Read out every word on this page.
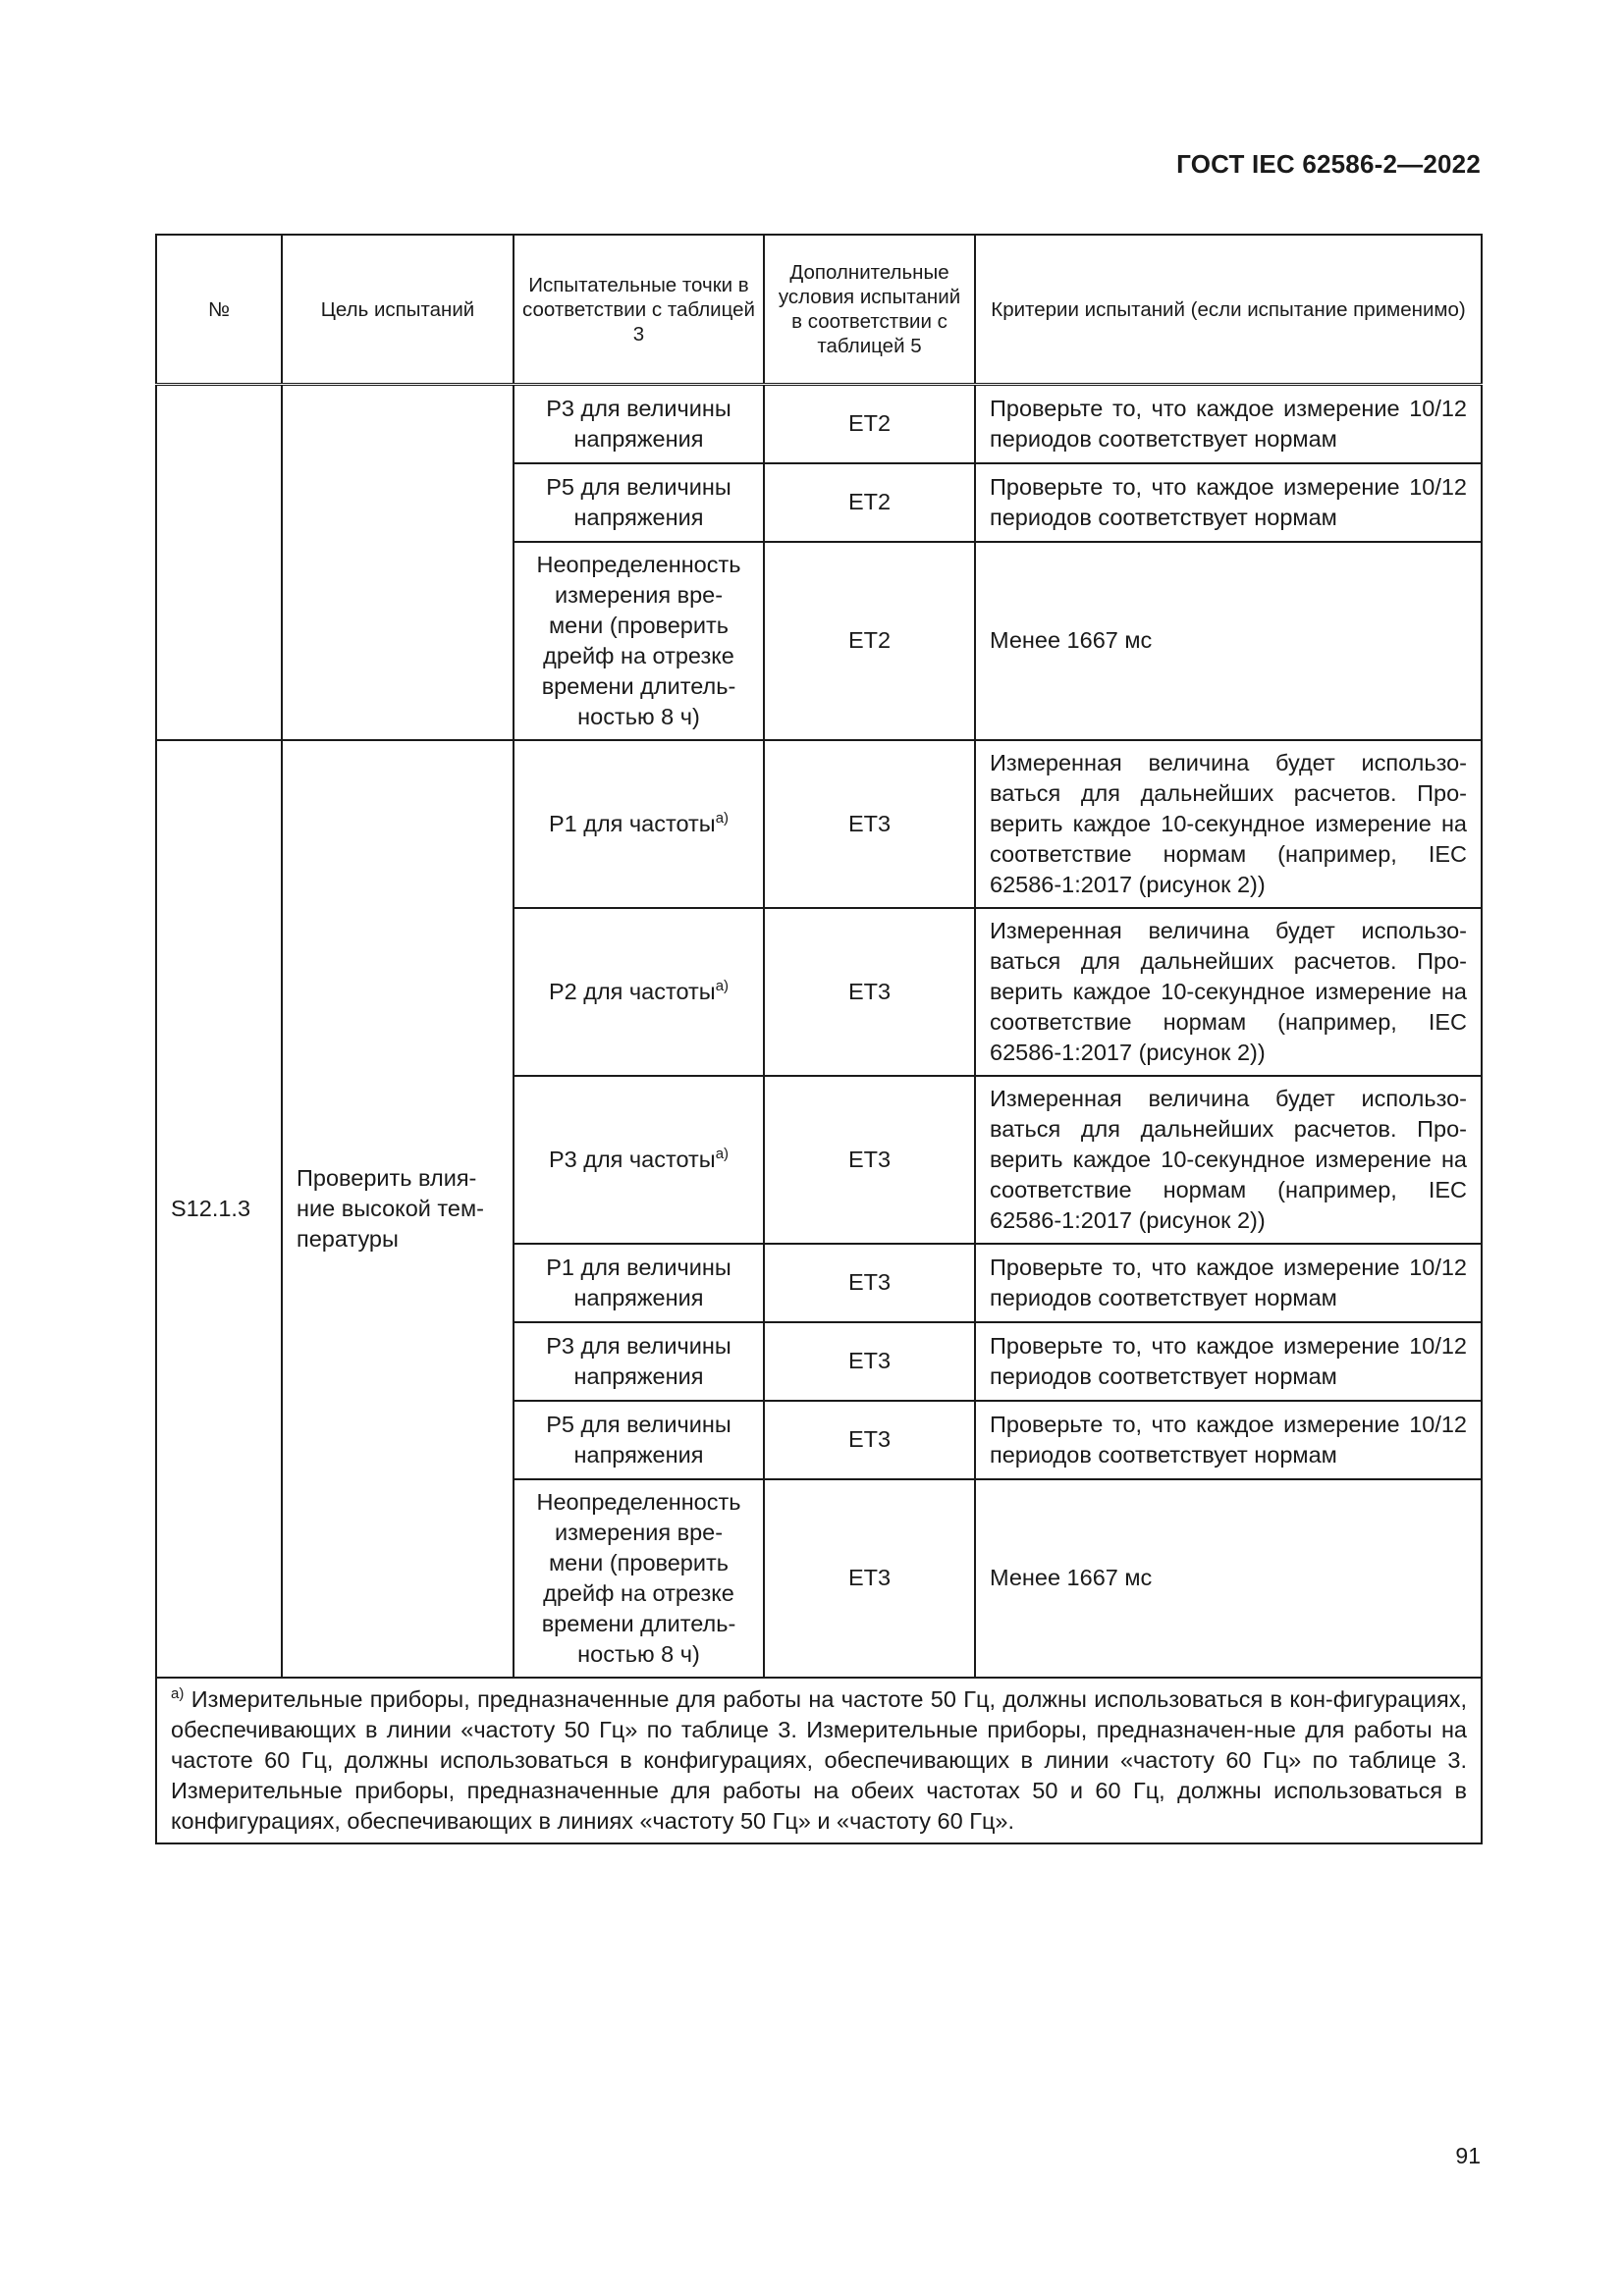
ГОСТ IEC 62586-2—2022
№	Цель испытаний	Испытательные точки в соответствии с таблицей 3	Дополнительные условия испытаний в соответствии с таблицей 5	Критерии испытаний (если испытание применимо)
		P3 для величины напряжения	ET2	Проверьте то, что каждое измерение 10/12 периодов соответствует нормам
		P5 для величины напряжения	ET2	Проверьте то, что каждое измерение 10/12 периодов соответствует нормам
		Неопределенность измерения вре-мени (проверить дрейф на отрезке времени длитель-ностью 8 ч)	ET2	Менее 1667 мс
S12.1.3	Проверить влия-ние высокой тем-пературы	P1 для частоты$^{a)}$	ET3	Измеренная величина будет использо-ваться для дальнейших расчетов. Про-верить каждое 10-секундное измерение на соответствие нормам (например, IEC 62586-1:2017 (рисунок 2))
		P2 для частоты$^{a)}$	ET3	Измеренная величина будет использо-ваться для дальнейших расчетов. Про-верить каждое 10-секундное измерение на соответствие нормам (например, IEC 62586-1:2017 (рисунок 2))
		P3 для частоты$^{a)}$	ET3	Измеренная величина будет использо-ваться для дальнейших расчетов. Про-верить каждое 10-секундное измерение на соответствие нормам (например, IEC 62586-1:2017 (рисунок 2))
		P1 для величины напряжения	ET3	Проверьте то, что каждое измерение 10/12 периодов соответствует нормам
		P3 для величины напряжения	ET3	Проверьте то, что каждое измерение 10/12 периодов соответствует нормам
		P5 для величины напряжения	ET3	Проверьте то, что каждое измерение 10/12 периодов соответствует нормам
		Неопределенность измерения вре-мени (проверить дрейф на отрезке времени длитель-ностью 8 ч)	ET3	Менее 1667 мс
$^{a)}$ Измерительные приборы, предназначенные для работы на частоте 50 Гц, должны использоваться в кон-фигурациях, обеспечивающих в линии «частоту 50 Гц» по таблице 3. Измерительные приборы, предназначен-ные для работы на частоте 60 Гц, должны использоваться в конфигурациях, обеспечивающих в линии «частоту 60 Гц» по таблице 3. Измерительные приборы, предназначенные для работы на обеих частотах 50 и 60 Гц, должны использоваться в конфигурациях, обеспечивающих в линиях «частоту 50 Гц» и «частоту 60 Гц».				
91
